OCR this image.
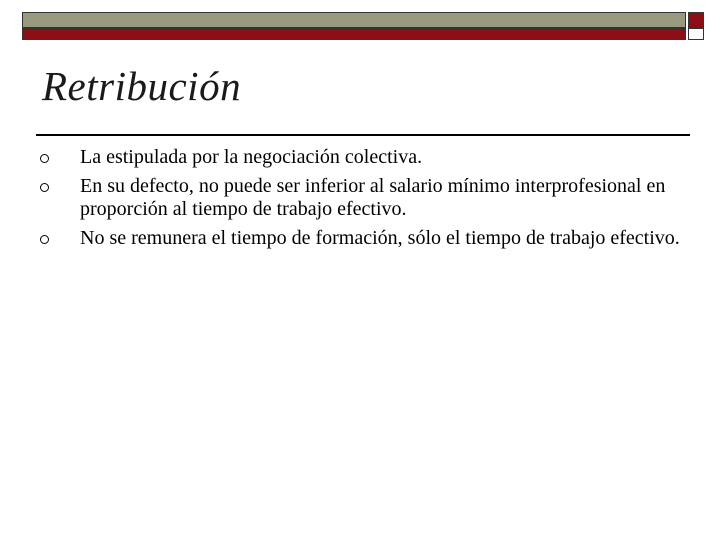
Retribución
La estipulada por la negociación colectiva.
En su defecto, no puede ser inferior al salario mínimo interprofesional en proporción al tiempo de trabajo efectivo.
No se remunera el tiempo de formación, sólo el tiempo de trabajo efectivo.
